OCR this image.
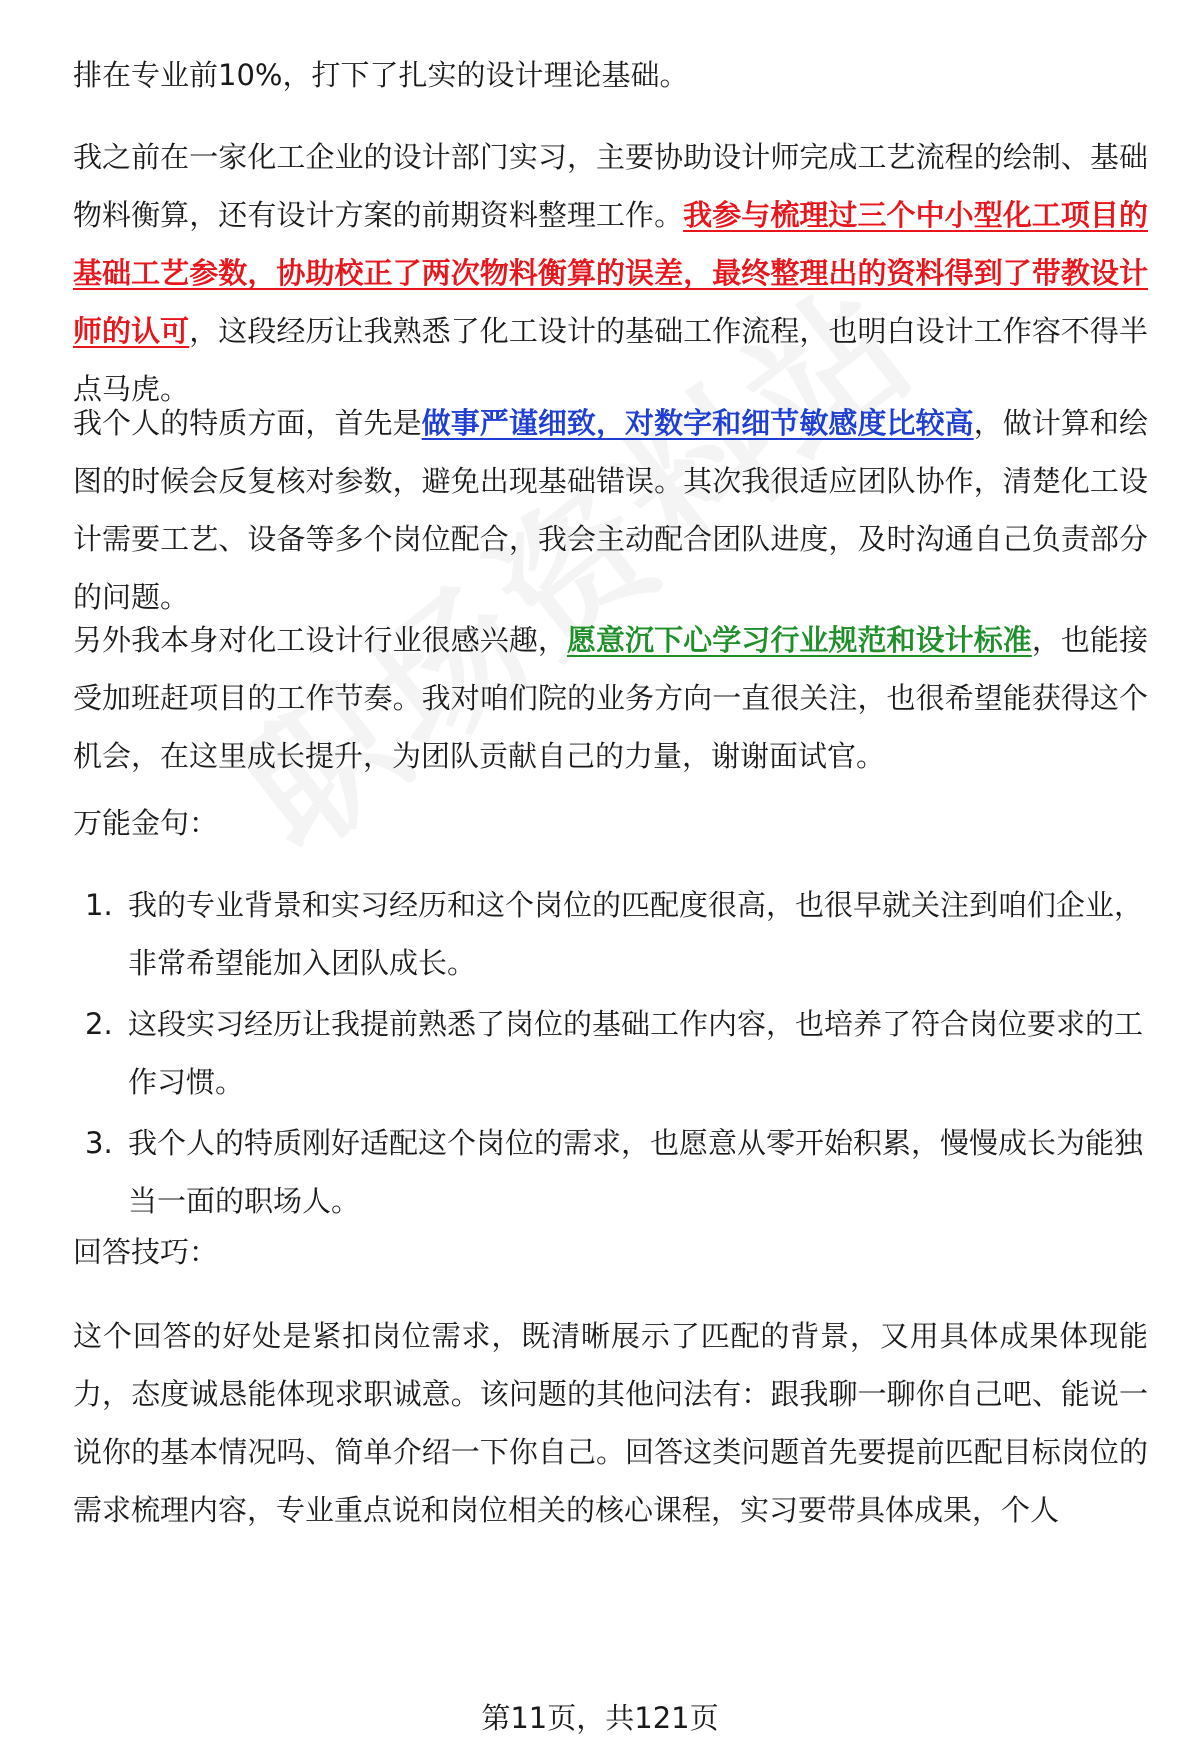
排在专业前10%，打下了扎实的设计理论基础。
我之前在一家化工企业的设计部门实习，主要协助设计师完成工艺流程的绘制、基础物料衡算，还有设计方案的前期资料整理工作。我参与梳理过三个中小型化工项目的基础工艺参数，协助校正了两次物料衡算的误差，最终整理出的资料得到了带教设计师的认可，这段经历让我熟悉了化工设计的基础工作流程，也明白设计工作容不得半点马虎。
我个人的特质方面，首先是做事严谨细致，对数字和细节敏感度比较高，做计算和绘图的时候会反复核对参数，避免出现基础错误。其次我很适应团队协作，清楚化工设计需要工艺、设备等多个岗位配合，我会主动配合团队进度，及时沟通自己负责部分的问题。
另外我本身对化工设计行业很感兴趣，愿意沉下心学习行业规范和设计标准，也能接受加班赶项目的工作节奏。我对咱们院的业务方向一直很关注，也很希望能获得这个机会，在这里成长提升，为团队贡献自己的力量，谢谢面试官。
万能金句：
1. 我的专业背景和实习经历和这个岗位的匹配度很高，也很早就关注到咱们企业，非常希望能加入团队成长。
2. 这段实习经历让我提前熟悉了岗位的基础工作内容，也培养了符合岗位要求的工作习惯。
3. 我个人的特质刚好适配这个岗位的需求，也愿意从零开始积累，慢慢成长为能独当一面的职场人。
回答技巧：
这个回答的好处是紧扣岗位需求，既清晰展示了匹配的背景，又用具体成果体现能力，态度诚恳能体现求职诚意。该问题的其他问法有：跟我聊一聊你自己吧、能说一说你的基本情况吗、简单介绍一下你自己。回答这类问题首先要提前匹配目标岗位的需求梳理内容，专业重点说和岗位相关的核心课程，实习要带具体成果，个人
第11页，共121页
